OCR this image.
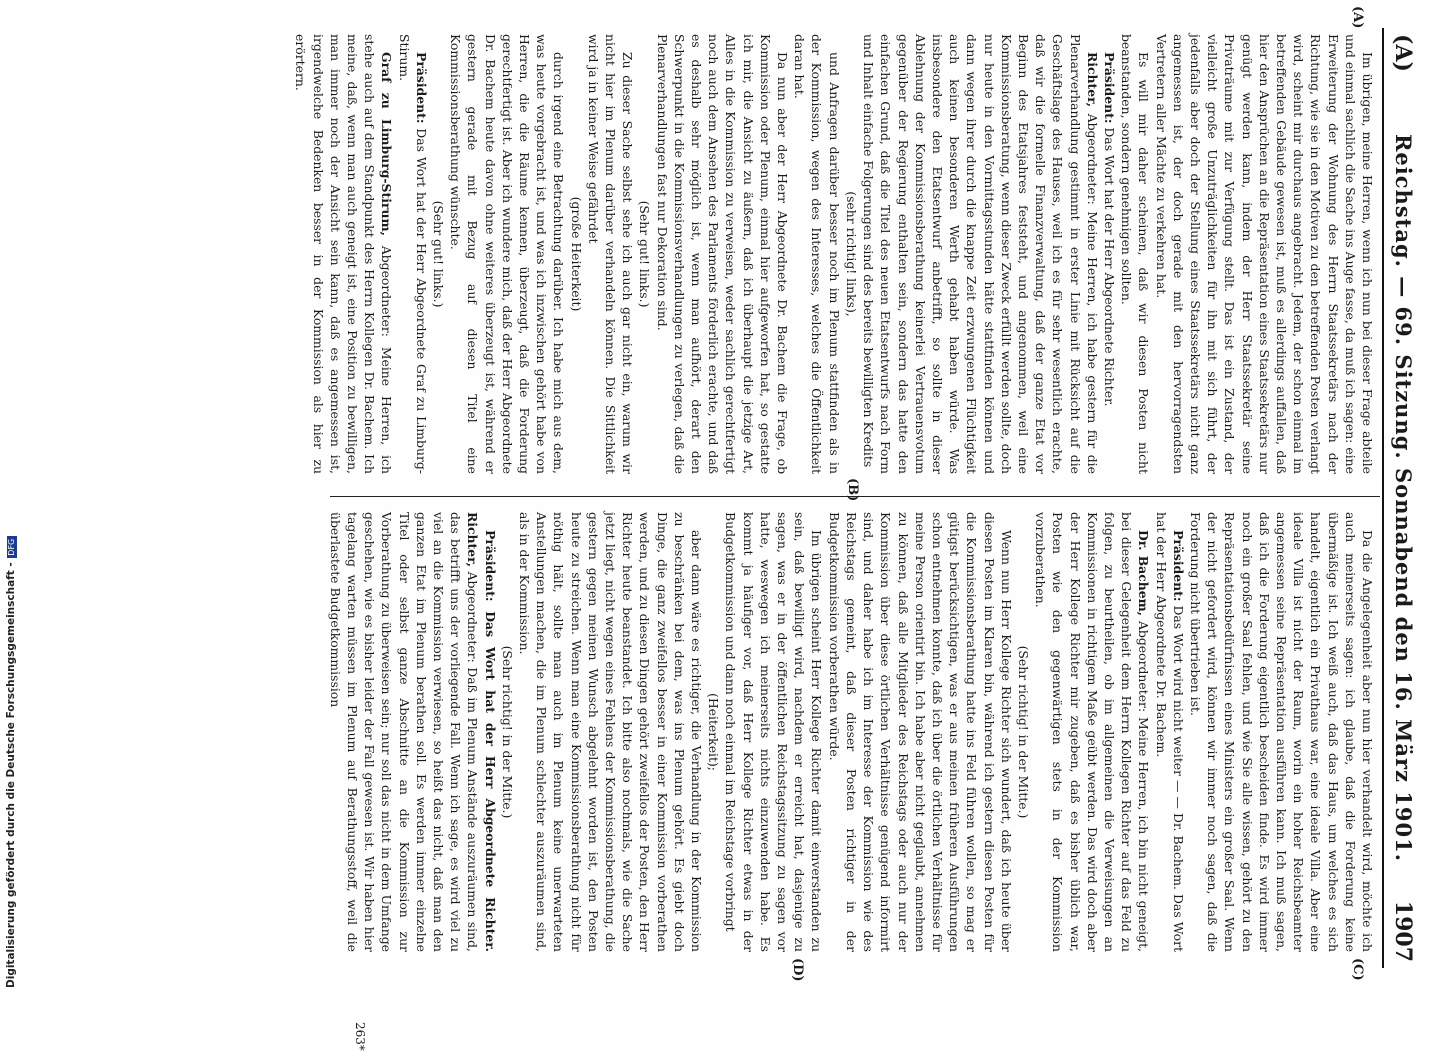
Digitalisierung gefördert durch die Deutsche Forschungsgemeinschaft -DFG
(A)
Reichstag. — 69. Sitzung. Sonnabend den 16. März 1901.
1907

Im übrigen, meine Herren, wenn ich nun bei dieser Frage abteile und einmal sachlich die Sache ins Auge fasse, da muß ich sagen: eine Erweiterung der Wohnung des Herrn Staatssekretärs nach der Richtung, wie sie in den Motiven zu den betreffenden Posten verlangt wird, scheint mir durchaus angebracht. Jedem, der schon einmal im betreffenden Gebäude gewesen ist, muß es allerdings auffallen, daß hier den Ansprüchen an die Repräsentation eines Staatssekretärs nur genügt werden kann, indem der Herr Staatssekretär seine Privaträume mit zur Verfügung stellt. Das ist ein Zustand, der vielleicht große Unzuträglichkeiten für ihn mit sich führt, der jedenfalls aber doch der Stellung eines Staatssekretärs nicht ganz angemessen ist, der doch gerade mit den hervorragendsten Vertretern aller Mächte zu verkehren hat.

Es will mir daher scheinen, daß wir diesen Posten nicht beanstanden, sondern genehmigen sollten.

Präsident: Das Wort hat der Herr Abgeordnete Richter.

Richter, Abgeordneter: Meine Herren, ich habe gestern für die Plenarverhandlung gestimmt in erster Linie mit Rücksicht auf die Geschäftslage des Hauses, weil ich es für sehr wesentlich erachte, daß wir die formelle Finanzverwaltung, daß der ganze Etat vor Beginn des Etatsjahres feststeht, und angenommen, weil eine Kommissionsberatung, wenn dieser Zweck erfüllt werden sollte, doch nur heute in den Vormittagsstunden hätte stattfinden können und dann wegen ihrer durch die knappe Zeit erzwungenen Flüchtigkeit auch keinen besonderen Werth gehabt haben würde. Was insbesondere den Etatsentwurf anbetrifft, so sollte in dieser Ablehnung der Kommissionsberathung keinerlei Vertrauensvotum gegenüber der Regierung enthalten sein, sondern das hatte den einfachen Grund, daß die Titel des neuen Etatsentwurfs nach Form und Inhalt einfache Folgerungen sind des bereits bewilligten Kredits

(sehr richtig! links),

und Anfragen darüber besser noch im Plenum stattfinden als in der Kommission, wegen des Interesses, welches die Öffentlichkeit daran hat.

Da nun aber der Herr Abgeordnete Dr. Bachem die Frage, ob Kommission oder Plenum, einmal hier aufgeworfen hat, so gestatte ich mir, die Ansicht zu äußern, daß ich überhaupt die jetzige Art, Alles in die Kommission zu verweisen, weder sachlich gerechtfertigt noch auch dem Ansehen des Parlaments förderlich erachte, und daß es deshalb sehr möglich ist, wenn man aufhört, derart den Schwerpunkt in die Kommissionsverhandlungen zu verlegen, daß die Plenarverhandlungen fast nur Dekoration sind.

(Sehr gut! links.)

Zu dieser Sache selbst sehe ich auch gar nicht ein, warum wir nicht hier im Plenum darüber verhandeln können. Die Sittlichkeit wird ja in keiner Weise gefährdet

(große Heiterkeit)

durch irgend eine Betrachtung darüber. Ich habe mich aus dem, was heute vorgebracht ist, und was ich inzwischen gehört habe von Herren, die die Räume kennen, überzeugt, daß die Forderung gerechtfertigt ist. Aber ich wundere mich, daß der Herr Abgeordnete Dr. Bachem heute davon ohne weiteres überzeugt ist, während er gestern gerade mit Bezug auf diesen Titel eine Kommissionsberathung wünschte.

(Sehr gut! links.)

Präsident: Das Wort hat der Herr Abgeordnete Graf zu Limburg-Stirum.

Graf zu Limburg-Stirum, Abgeordneter: Meine Herren, ich stehe auch auf dem Standpunkt des Herrn Kollegen Dr. Bachem. Ich meine, daß, wenn man auch geneigt ist, eine Position zu bewilligen, man immer noch der Ansicht sein kann, daß es angemessen ist, irgendwelche Bedenken besser in der Kommission als hier zu erörtern.

Da die Angelegenheit aber nun hier verhandelt wird, möchte ich auch meinerseits sagen: ich glaube, daß die Forderung keine übermäßige ist. Ich weiß auch, daß das Haus, um welches es sich handelt, eigentlich ein Privathaus war, eine ideale Villa. Aber eine ideale Villa ist nicht der Raum, worin ein hoher Reichsbeamter angemessen seine Repräsentation ausführen kann. Ich muß sagen, daß ich die Forderung eigentlich bescheiden finde. Es wird immer noch ein großer Saal fehlen, und wie Sie alle wissen, gehört zu den Repräsentationsbedürfnissen eines Ministers ein großer Saal. Wenn der nicht gefordert wird, können wir immer noch sagen, daß die Forderung nicht übertrieben ist.

Präsident: Das Wort wird nicht weiter — — Dr. Bachem. Das Wort hat der Herr Abgeordnete Dr. Bachem.

Dr. Bachem, Abgeordneter: Meine Herren, ich bin nicht geneigt, bei dieser Gelegenheit dem Herrn Kollegen Richter auf das Feld zu folgen, zu beurtheilen, ob im allgemeinen die Verweisungen an Kommissionen in richtigem Maße geübt werden. Das wird doch aber der Herr Kollege Richter mir zugeben, daß es bisher üblich war, Posten wie den gegenwärtigen stets in der Kommission vorzuberathen.

(Sehr richtig! in der Mitte.)

Wenn nun Herr Kollege Richter sich wundert, daß ich heute über diesen Posten im Klaren bin, während ich gestern diesen Posten für die Kommissionsberathung hatte ins Feld führen wollen, so mag er gütigst berücksichtigen, was er aus meinen früheren Ausführungen schon entnehmen konnte, daß ich über die örtlichen Verhältnisse für meine Person orientirt bin. Ich habe aber nicht geglaubt, annehmen zu können, daß alle Mitglieder des Reichstags oder auch nur der Kommission über diese örtlichen Verhältnisse genügend informirt sind, und daher habe ich im Interesse der Kommission wie des Reichstags gemeint, daß dieser Posten richtiger in der Budgetkommission vorberathen würde.

Im übrigen scheint Herr Kollege Richter damit einverstanden zu sein, daß bewilligt wird, nachdem er erreicht hat, dasjenige zu sagen, was er in der öffentlichen Reichstagssitzung zu sagen vor hatte, weswegen ich meinerseits nichts einzuwenden habe. Es kommt ja häufiger vor, daß Herr Kollege Richter etwas in der Budgetkommission und dann noch einmal im Reichstage vorbringt

(Heiterkeit);

aber dann wäre es richtiger, die Verhandlung in der Kommission zu beschränken bei dem, was ins Plenum gehört. Es giebt doch Dinge, die ganz zweifellos besser in einer Kommission vorberathen werden, und zu diesen Dingen gehört zweifellos der Posten, den Herr Richter heute beanstandet. Ich bitte also nochmals, wie die Sache jetzt liegt, nicht wegen eines Fehlens der Kommissionsberathung, die gestern gegen meinen Wunsch abgelehnt worden ist, den Posten heute zu streichen. Wenn man eine Kommissionsberathung nicht für nöthig hält, sollte man auch im Plenum keine unerwarteten Anstellungen machen, die im Plenum schlechter auszuräumen sind, als in der Kommission.

(Sehr richtig! in der Mitte.)

Präsident: Das Wort hat der Herr Abgeordnete Richter. Richter, Abgeordneter: Daß im Plenum Anstände auszuräumen sind, das betrifft uns der vorliegende Fall. Wenn ich sage, es wird viel zu viel an die Kommission verwiesen, so heißt das nicht, daß man den ganzen Etat im Plenum berathen soll. Es werden immer einzelne Titel oder selbst ganze Abschnitte an die Kommission zur Vorberathung zu überweisen sein; nur soll das nicht in dem Umfange geschehen, wie es bisher leider der Fall gewesen ist. Wir haben hier tagelang warten müssen im Plenum auf Berathungsstoff, weil die überlastete Budgetkommission

263*
(A)
(B)
(C)
(D)
